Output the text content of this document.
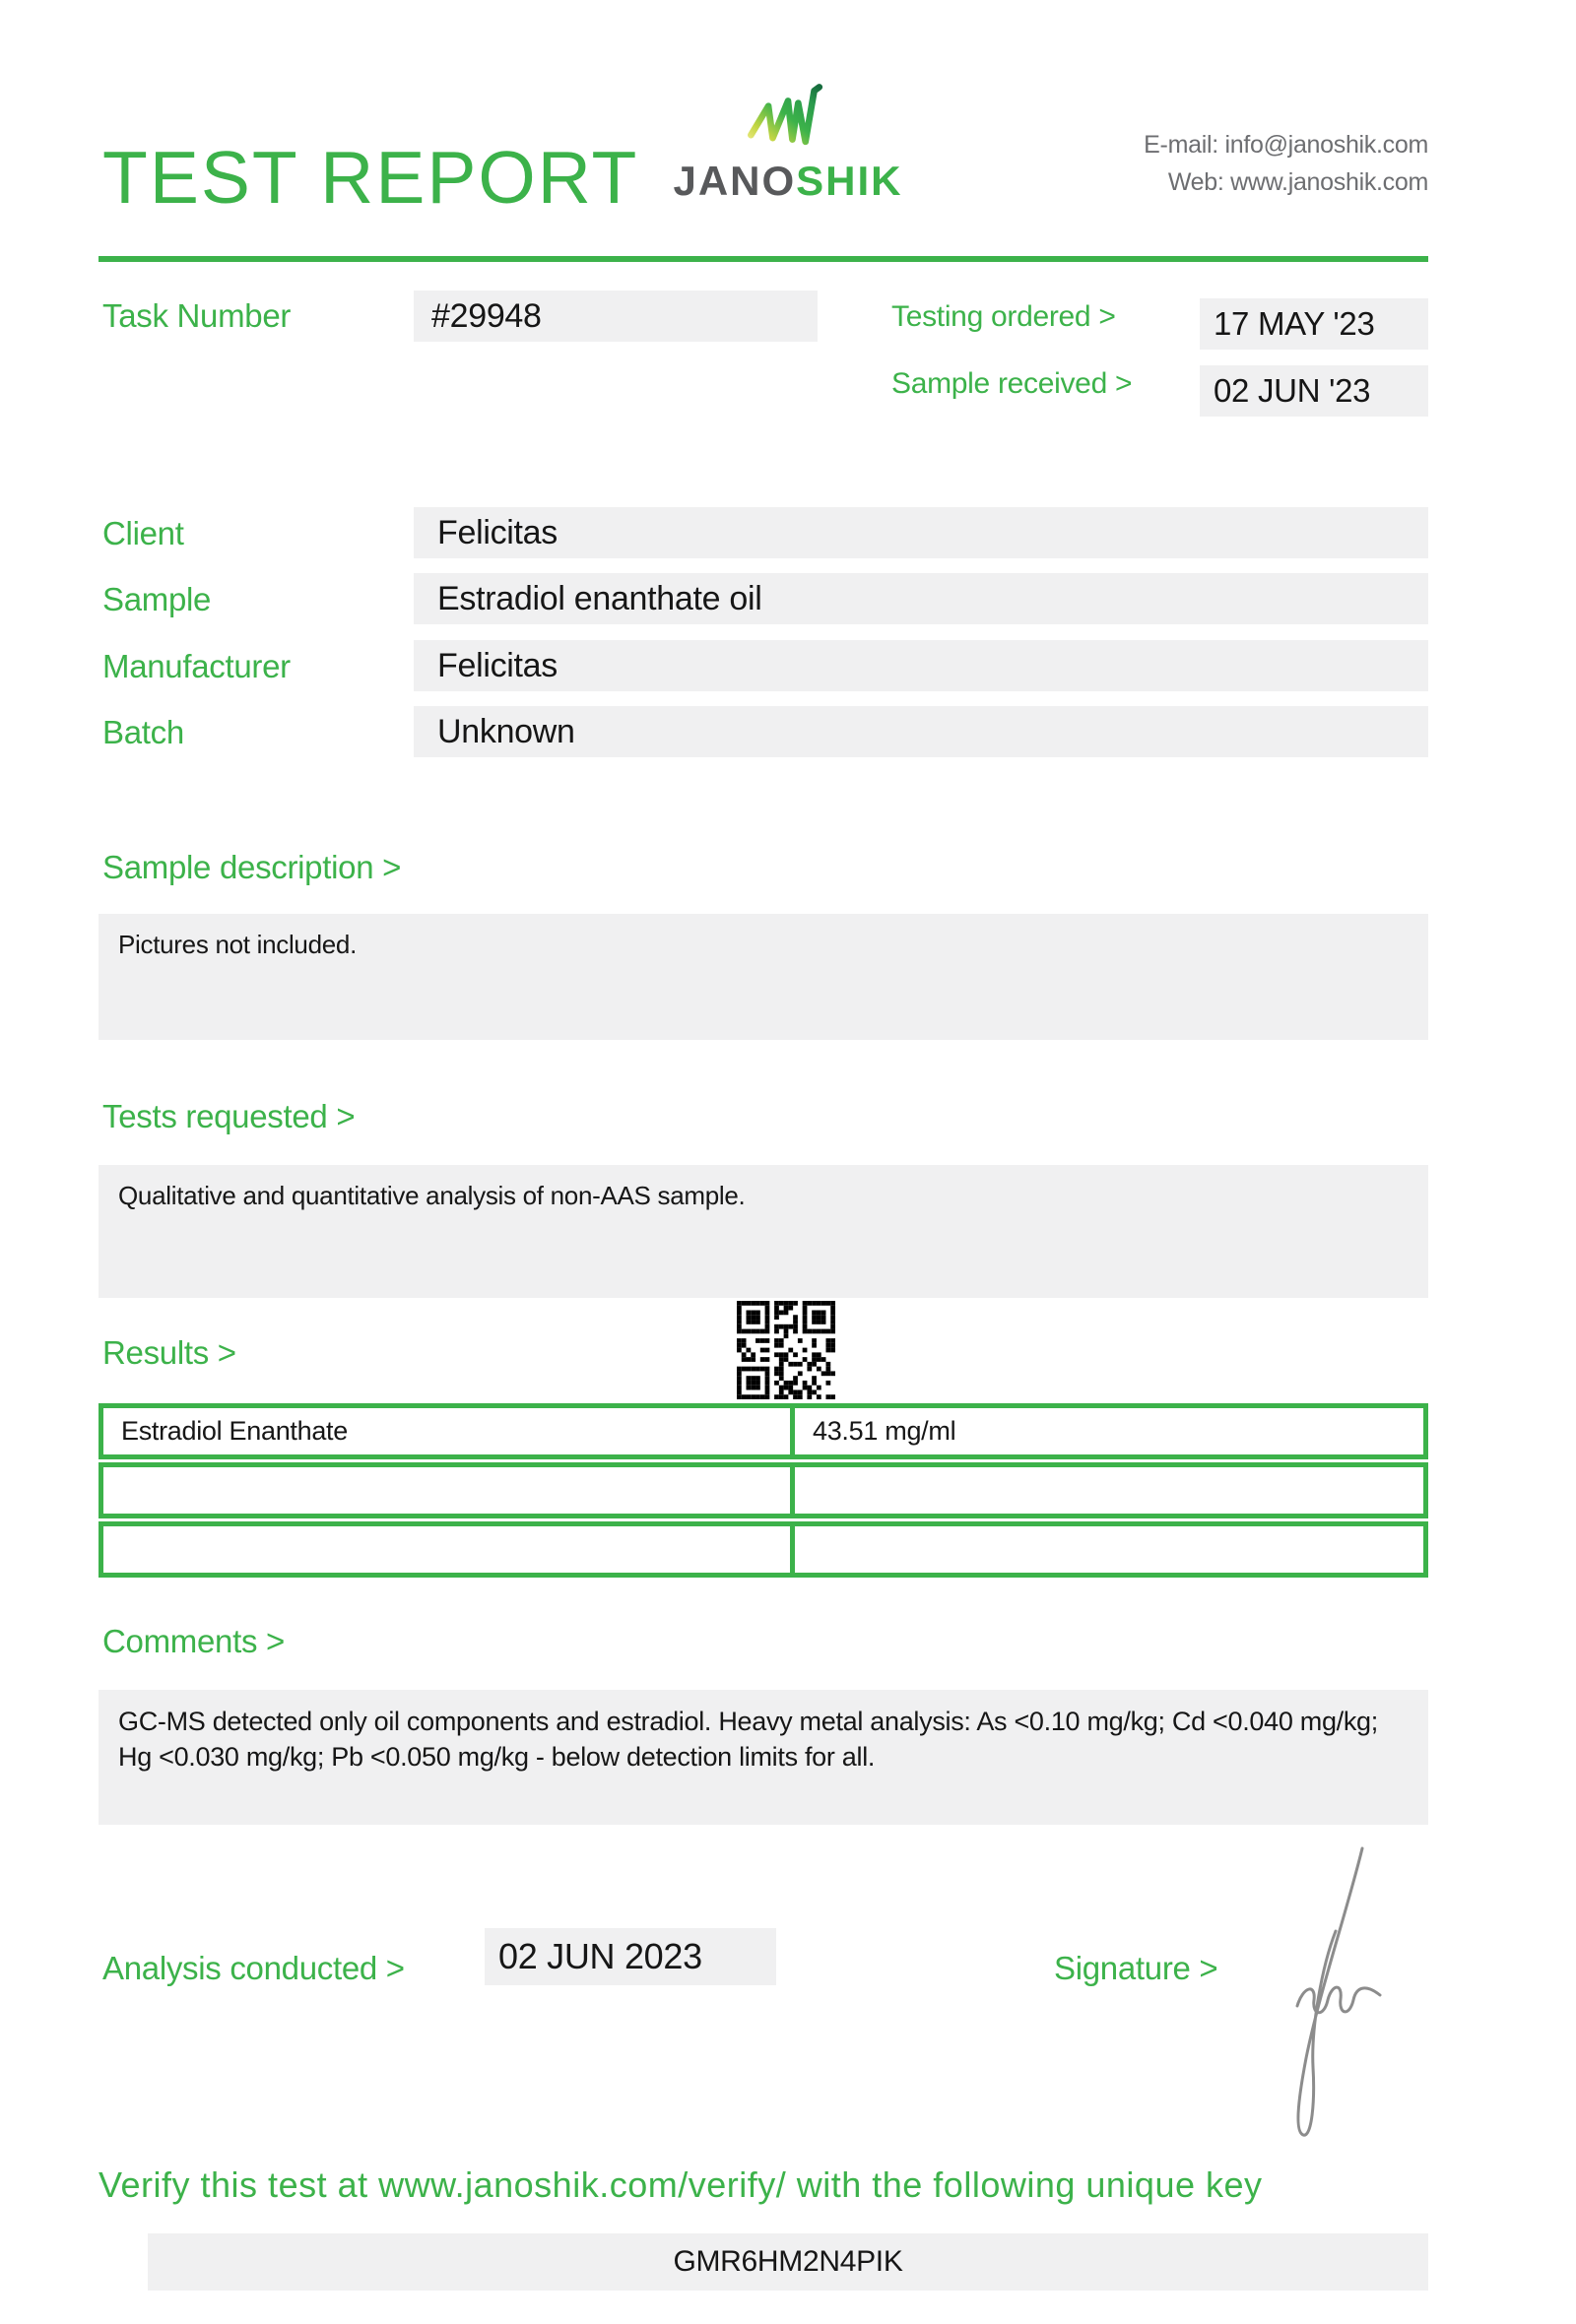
TEST REPORT JANOSHIK
E-mail: info@janoshik.com
Web: www.janoshik.com
Task Number	#29948	Testing ordered >	17 MAY '23
Sample received >	02 JUN '23
Client	Felicitas
Sample	Estradiol enanthate oil
Manufacturer	Felicitas
Batch	Unknown
Sample description >
Pictures not included.
Tests requested >
Qualitative and quantitative analysis of non-AAS sample.
Results >
Estradiol Enanthate	43.51 mg/ml
Comments >
GC-MS detected only oil components and estradiol. Heavy metal analysis: As <0.10 mg/kg; Cd <0.040 mg/kg; Hg <0.030 mg/kg; Pb <0.050 mg/kg - below detection limits for all.
Analysis conducted >	02 JUN 2023	Signature >
Verify this test at www.janoshik.com/verify/ with the following unique key
GMR6HM2N4PIK
